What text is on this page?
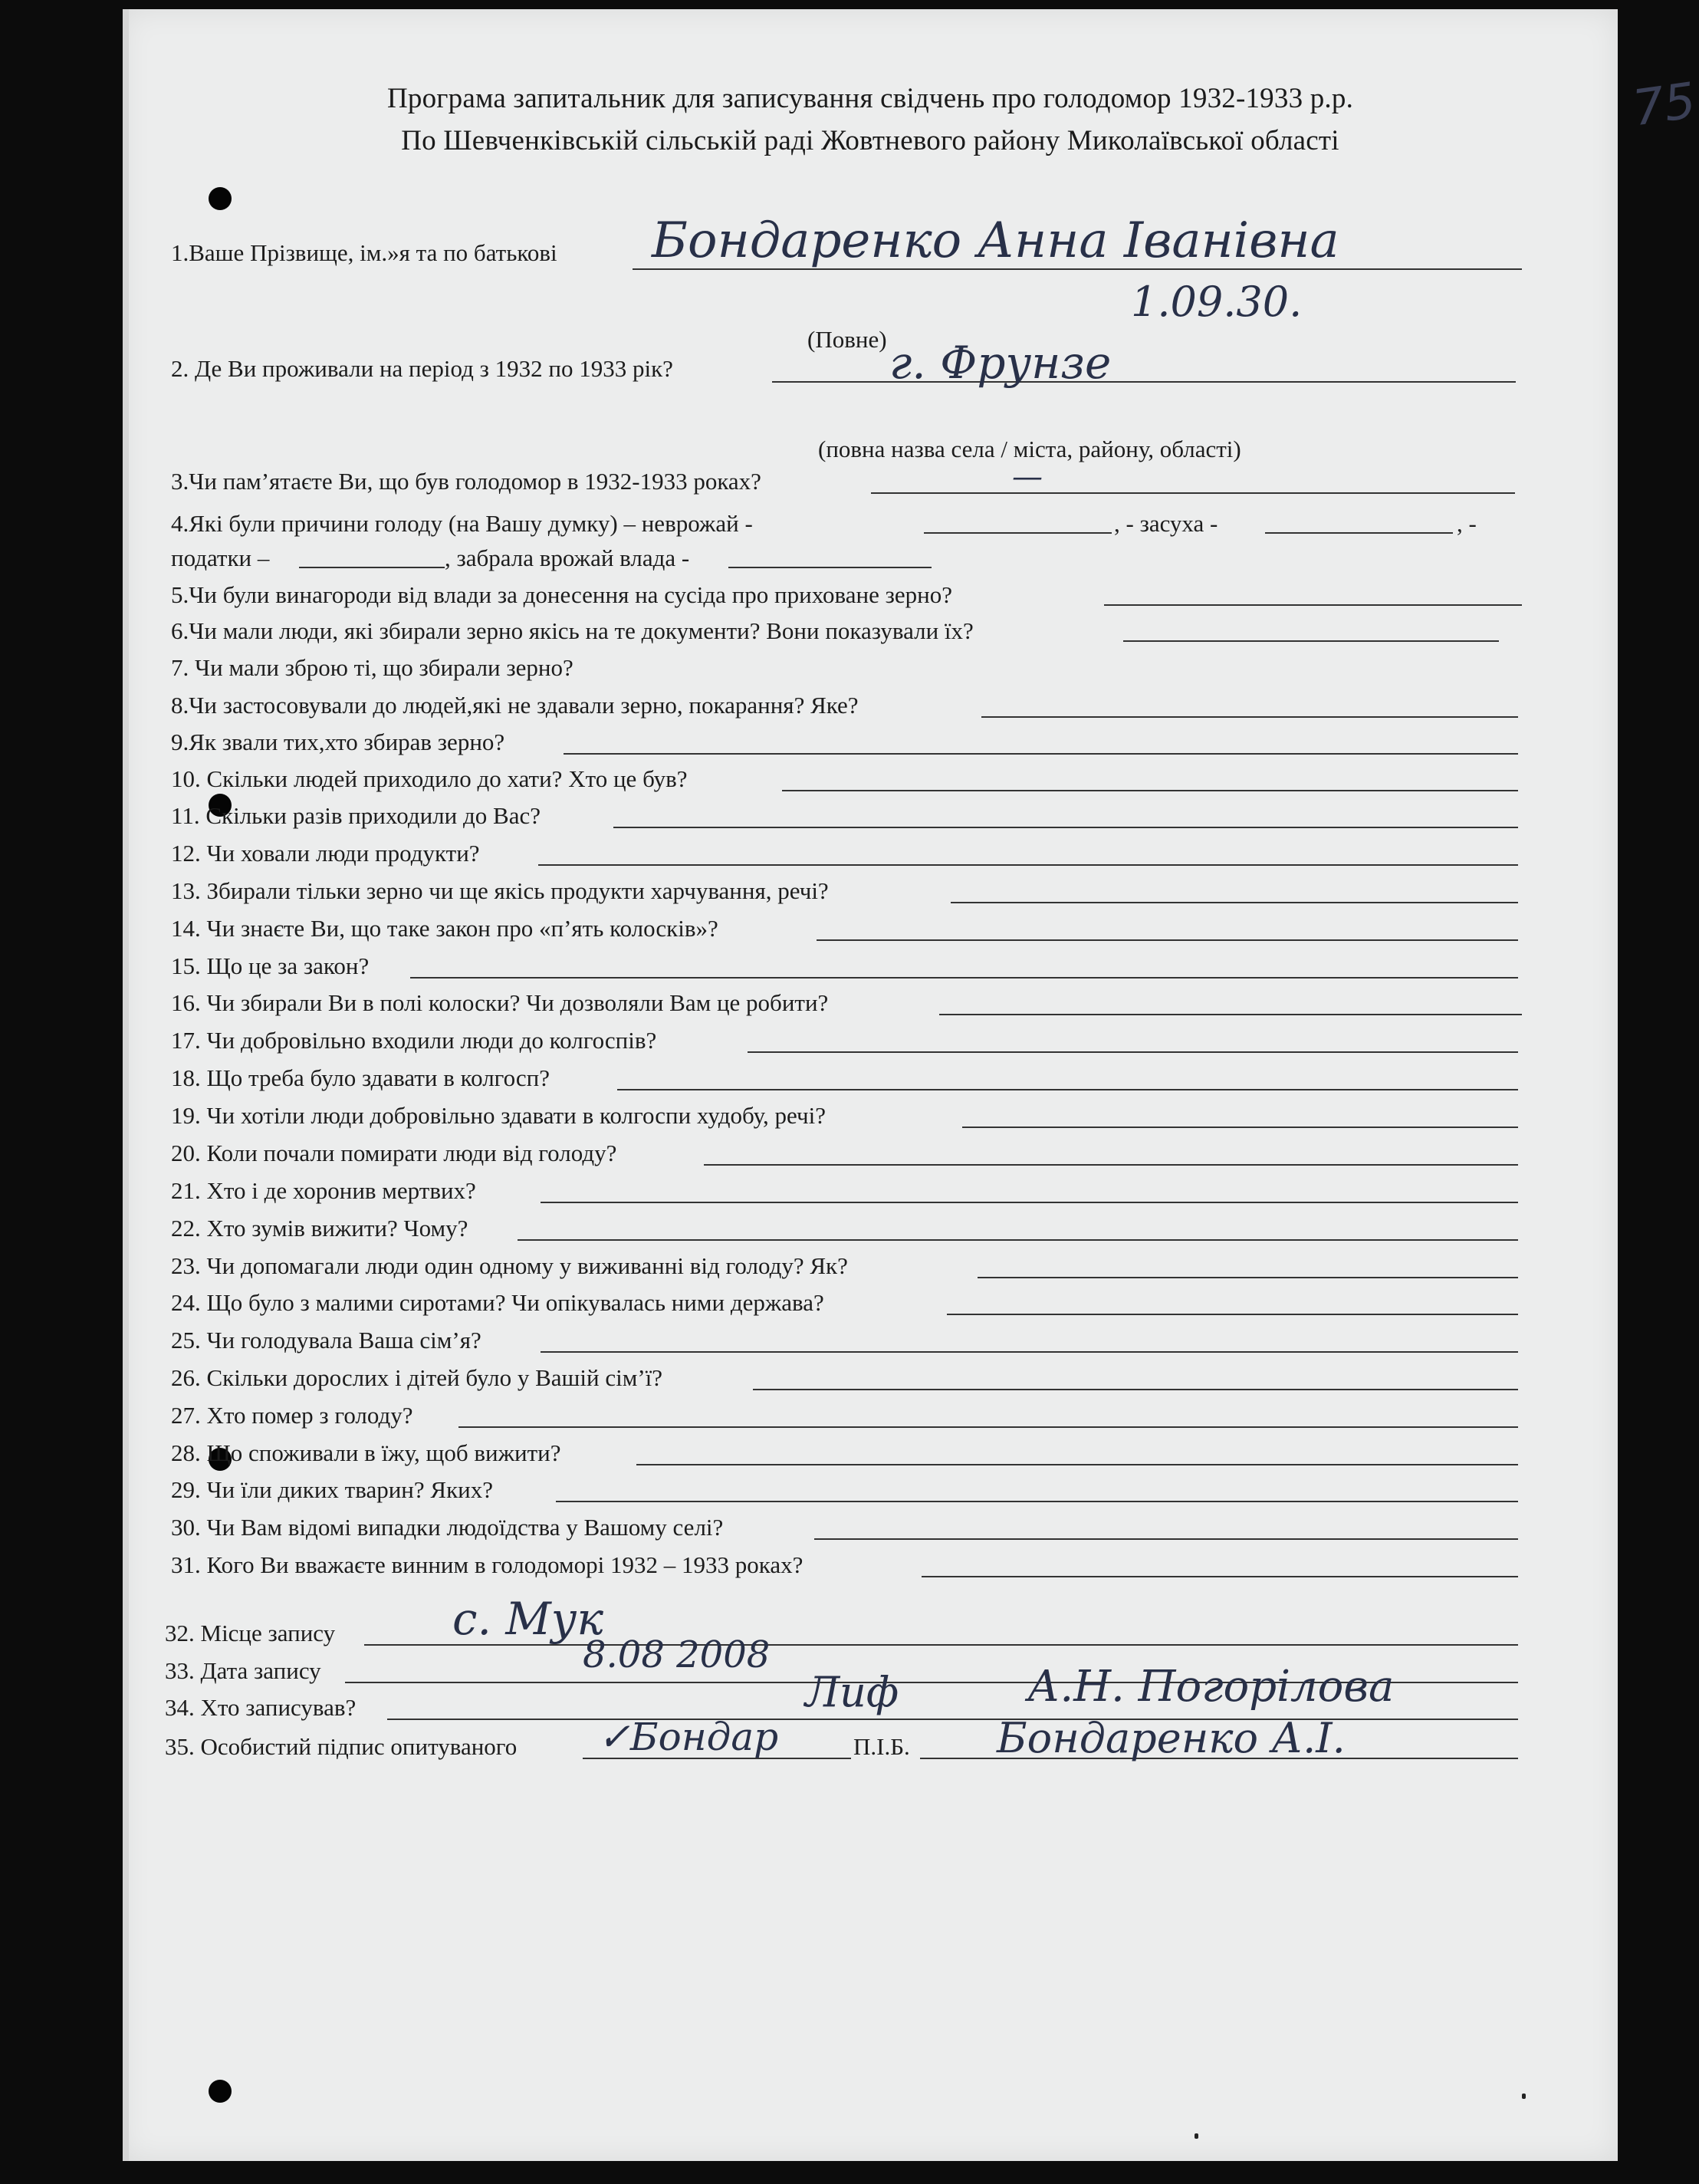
Програма запитальник для записування свідчень про голодомор 1932-1933 р.р.
По Шевченківській сільській раді Жовтневого району Миколаївської області
75
1.Ваше Прізвище, ім.»я та по батькові Бондаренко Анна Іванівна
1.09.30.
(Повне)
2. Де Ви проживали на період з 1932 по 1933 рік?	г. Фрунзе
(повна назва села / міста, району, області)
3.Чи пам’ятаєте Ви, що був голодомор в 1932-1933 роках?	—
4.Які були причини голоду (на Вашу думку) – неврожай -	, - засуха -	, -
податки –	, забрала врожай влада -
5.Чи були винагороди від влади за донесення на сусіда про приховане зерно?
6.Чи мали люди, які збирали зерно якісь на те документи? Вони показували їх?
7. Чи мали зброю ті, що збирали зерно?
8.Чи застосовували до людей,які не здавали зерно, покарання? Яке?
9.Як звали тих,хто збирав зерно?
10. Скільки людей приходило до хати? Хто це був?
11. Скільки разів приходили до Вас?
12. Чи ховали люди продукти?
13. Збирали тільки зерно чи ще якісь продукти харчування, речі?
14. Чи знаєте Ви, що таке закон про «п’ять колосків»?
15. Що це за закон?
16. Чи збирали Ви в полі колоски? Чи дозволяли Вам це робити?
17. Чи добровільно входили люди до колгоспів?
18. Що треба було здавати в колгосп?
19. Чи хотіли люди добровільно здавати в колгоспи худобу, речі?
20. Коли почали помирати люди від голоду?
21. Хто і де хоронив мертвих?
22. Хто зумів вижити? Чому?
23. Чи допомагали люди один одному у виживанні від голоду? Як?
24. Що було з малими сиротами? Чи опікувалась ними держава?
25. Чи голодувала Ваша сім’я?
26. Скільки дорослих і дітей було у Вашій сім’ї?
27. Хто помер з голоду?
28. Що споживали в їжу, щоб вижити?
29. Чи їли диких тварин? Яких?
30. Чи Вам відомі випадки людоїдства у Вашому селі?
31. Кого Ви вважаєте винним в голодоморі 1932 – 1933 роках?
32. Місце запису	с. Мук
33. Дата запису	8.08 2008
34. Хто записував?	Лиф	А.Н. Погорілова
35. Особистий підпис опитуваного ✓Бондар	П.І.Б. Бондаренко А.І.
